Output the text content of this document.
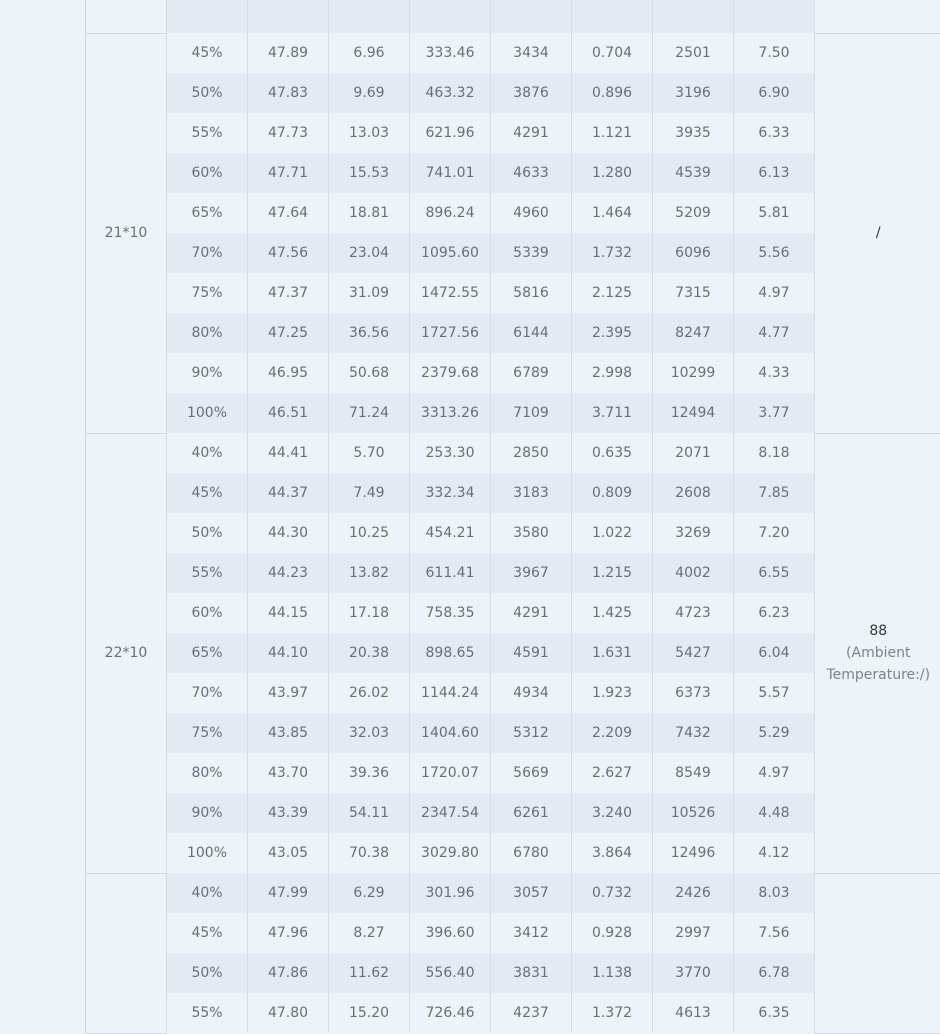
21*10	45%	47.89	6.96	333.46	3434	0.704	2501	7.50	/

	50%	47.83	9.69	463.32	3876	0.896	3196	6.90	
	55%	47.73	13.03	621.96	4291	1.121	3935	6.33	
	60%	47.71	15.53	741.01	4633	1.280	4539	6.13	
	65%	47.64	18.81	896.24	4960	1.464	5209	5.81	
	70%	47.56	23.04	1095.60	5339	1.732	6096	5.56	
	75%	47.37	31.09	1472.55	5816	2.125	7315	4.97	
	80%	47.25	36.56	1727.56	6144	2.395	8247	4.77	
	90%	46.95	50.68	2379.68	6789	2.998	10299	4.33	
	100%	46.51	71.24	3313.26	7109	3.711	12494	3.77	
22*10	40%	44.41	5.70	253.30	2850	0.635	2071	8.18	88
(Ambient Temperature:/)

	45%	44.37	7.49	332.34	3183	0.809	2608	7.85	
	50%	44.30	10.25	454.21	3580	1.022	3269	7.20	
	55%	44.23	13.82	611.41	3967	1.215	4002	6.55	
	60%	44.15	17.18	758.35	4291	1.425	4723	6.23	
	65%	44.10	20.38	898.65	4591	1.631	5427	6.04	
	70%	43.97	26.02	1144.24	4934	1.923	6373	5.57	
	75%	43.85	32.03	1404.60	5312	2.209	7432	5.29	
	80%	43.70	39.36	1720.07	5669	2.627	8549	4.97	
	90%	43.39	54.11	2347.54	6261	3.240	10526	4.48	
	100%	43.05	70.38	3029.80	6780	3.864	12496	4.12	
	40%	47.99	6.29	301.96	3057	0.732	2426	8.03	

	45%	47.96	8.27	396.60	3412	0.928	2997	7.56	
	50%	47.86	11.62	556.40	3831	1.138	3770	6.78	
	55%	47.80	15.20	726.46	4237	1.372	4613	6.35	
